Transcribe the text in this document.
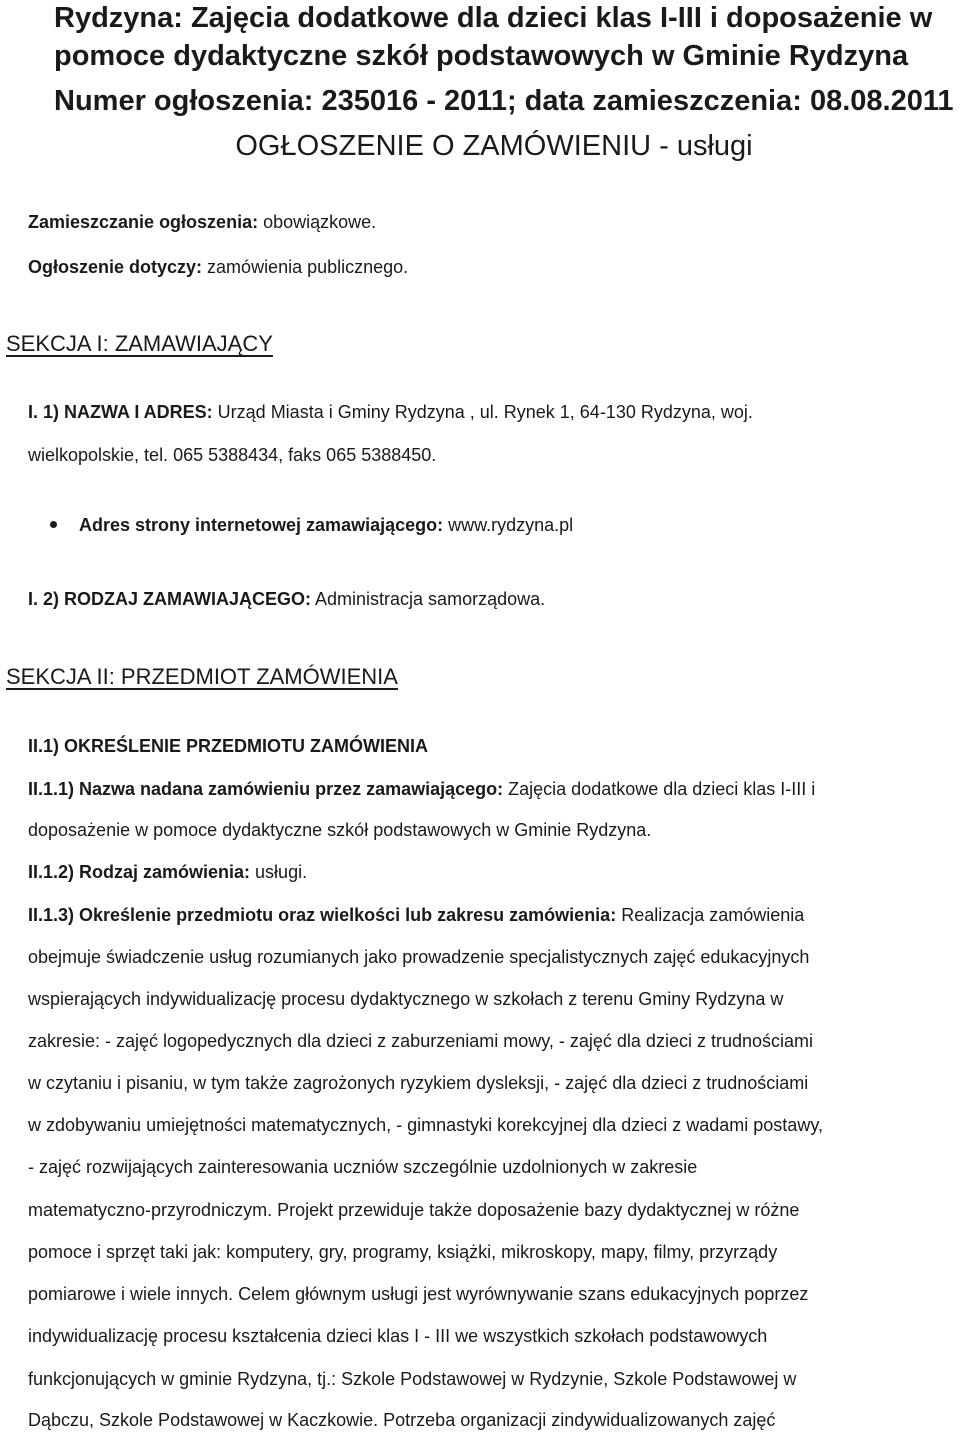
Rydzyna: Zajęcia dodatkowe dla dzieci klas I-III i doposażenie w
pomoce dydaktyczne szkół podstawowych w Gminie Rydzyna
Numer ogłoszenia: 235016 - 2011; data zamieszczenia: 08.08.2011
OGŁOSZENIE O ZAMÓWIENIU - usługi
Zamieszczanie ogłoszenia: obowiązkowe.
Ogłoszenie dotyczy: zamówienia publicznego.
SEKCJA I: ZAMAWIAJĄCY
I. 1) NAZWA I ADRES: Urząd Miasta i Gminy Rydzyna , ul. Rynek 1, 64-130 Rydzyna, woj.
wielkopolskie, tel. 065 5388434, faks 065 5388450.
Adres strony internetowej zamawiającego: www.rydzyna.pl
I. 2) RODZAJ ZAMAWIAJĄCEGO: Administracja samorządowa.
SEKCJA II: PRZEDMIOT ZAMÓWIENIA
II.1) OKREŚLENIE PRZEDMIOTU ZAMÓWIENIA
II.1.1) Nazwa nadana zamówieniu przez zamawiającego: Zajęcia dodatkowe dla dzieci klas I-III i
doposażenie w pomoce dydaktyczne szkół podstawowych w Gminie Rydzyna.
II.1.2) Rodzaj zamówienia: usługi.
II.1.3) Określenie przedmiotu oraz wielkości lub zakresu zamówienia: Realizacja zamówienia
obejmuje świadczenie usług rozumianych jako prowadzenie specjalistycznych zajęć edukacyjnych
wspierających indywidualizację procesu dydaktycznego w szkołach z terenu Gminy Rydzyna w
zakresie: - zajęć logopedycznych dla dzieci z zaburzeniami mowy, - zajęć dla dzieci z trudnościami
w czytaniu i pisaniu, w tym także zagrożonych ryzykiem dysleksji, - zajęć dla dzieci z trudnościami
w zdobywaniu umiejętności matematycznych, - gimnastyki korekcyjnej dla dzieci z wadami postawy,
- zajęć rozwijających zainteresowania uczniów szczególnie uzdolnionych w zakresie
matematyczno-przyrodniczym. Projekt przewiduje także doposażenie bazy dydaktycznej w różne
pomoce i sprzęt taki jak: komputery, gry, programy, książki, mikroskopy, mapy, filmy, przyrządy
pomiarowe i wiele innych. Celem głównym usługi jest wyrównywanie szans edukacyjnych poprzez
indywidualizację procesu kształcenia dzieci klas I - III we wszystkich szkołach podstawowych
funkcjonujących w gminie Rydzyna, tj.: Szkole Podstawowej w Rydzynie, Szkole Podstawowej w
Dąbczu, Szkole Podstawowej w Kaczkowie. Potrzeba organizacji zindywidualizowanych zajęć
